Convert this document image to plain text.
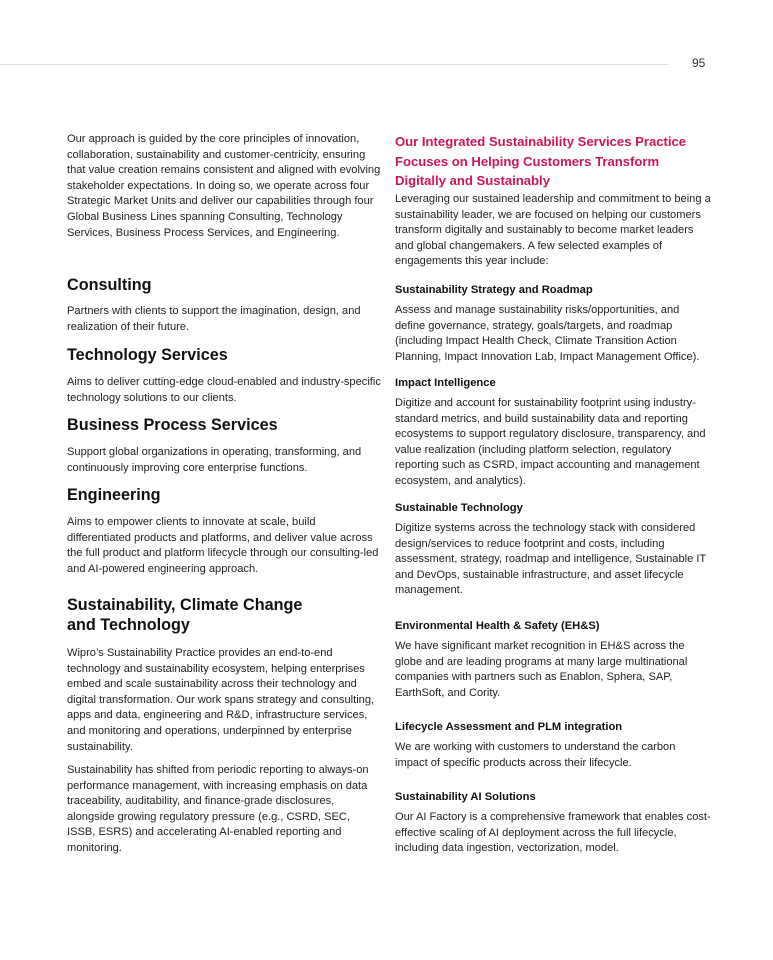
95

Our approach is guided by the core principles of innovation, collaboration, sustainability and customer-centricity, ensuring that value creation remains consistent and aligned with evolving stakeholder expectations. In doing so, we operate across four Strategic Market Units and deliver our capabilities through four Global Business Lines spanning Consulting, Technology Services, Business Process Services, and Engineering.

Consulting

Partners with clients to support the imagination, design, and realization of their future.

Technology Services

Aims to deliver cutting-edge cloud-enabled and industry-specific technology solutions to our clients.

Business Process Services

Support global organizations in operating, transforming, and continuously improving core enterprise functions.

Engineering

Aims to empower clients to innovate at scale, build differentiated products and platforms, and deliver value across the full product and platform lifecycle through our consulting-led and AI-powered engineering approach.

Sustainability, Climate Change
and Technology

Wipro’s Sustainability Practice provides an end-to-end technology and sustainability ecosystem, helping enterprises embed and scale sustainability across their technology and digital transformation. Our work spans strategy and consulting, apps and data, engineering and R&D, infrastructure services, and monitoring and operations, underpinned by enterprise sustainability.

Sustainability has shifted from periodic reporting to always-on performance management, with increasing emphasis on data traceability, auditability, and finance-grade disclosures, alongside growing regulatory pressure (e.g., CSRD, SEC, ISSB, ESRS) and accelerating AI-enabled reporting and monitoring.

Our Integrated Sustainability Services Practice Focuses on Helping Customers Transform Digitally and Sustainably

Leveraging our sustained leadership and commitment to being a sustainability leader, we are focused on helping our customers transform digitally and sustainably to become market leaders and global changemakers. A few selected examples of engagements this year include:

Sustainability Strategy and Roadmap

Assess and manage sustainability risks/opportunities, and define governance, strategy, goals/targets, and roadmap (including Impact Health Check, Climate Transition Action Planning, Impact Innovation Lab, Impact Management Office).

Impact Intelligence

Digitize and account for sustainability footprint using industry-standard metrics, and build sustainability data and reporting ecosystems to support regulatory disclosure, transparency, and value realization (including platform selection, regulatory reporting such as CSRD, impact accounting and management ecosystem, and analytics).

Sustainable Technology

Digitize systems across the technology stack with considered design/services to reduce footprint and costs, including assessment, strategy, roadmap and intelligence, Sustainable IT and DevOps, sustainable infrastructure, and asset lifecycle management.

Environmental Health & Safety (EH&S)

We have significant market recognition in EH&S across the globe and are leading programs at many large multinational companies with partners such as Enablon, Sphera, SAP, EarthSoft, and Cority.

Lifecycle Assessment and PLM integration

We are working with customers to understand the carbon impact of specific products across their lifecycle.

Sustainability AI Solutions

Our AI Factory is a comprehensive framework that enables cost-effective scaling of AI deployment across the full lifecycle, including data ingestion, vectorization, model.
